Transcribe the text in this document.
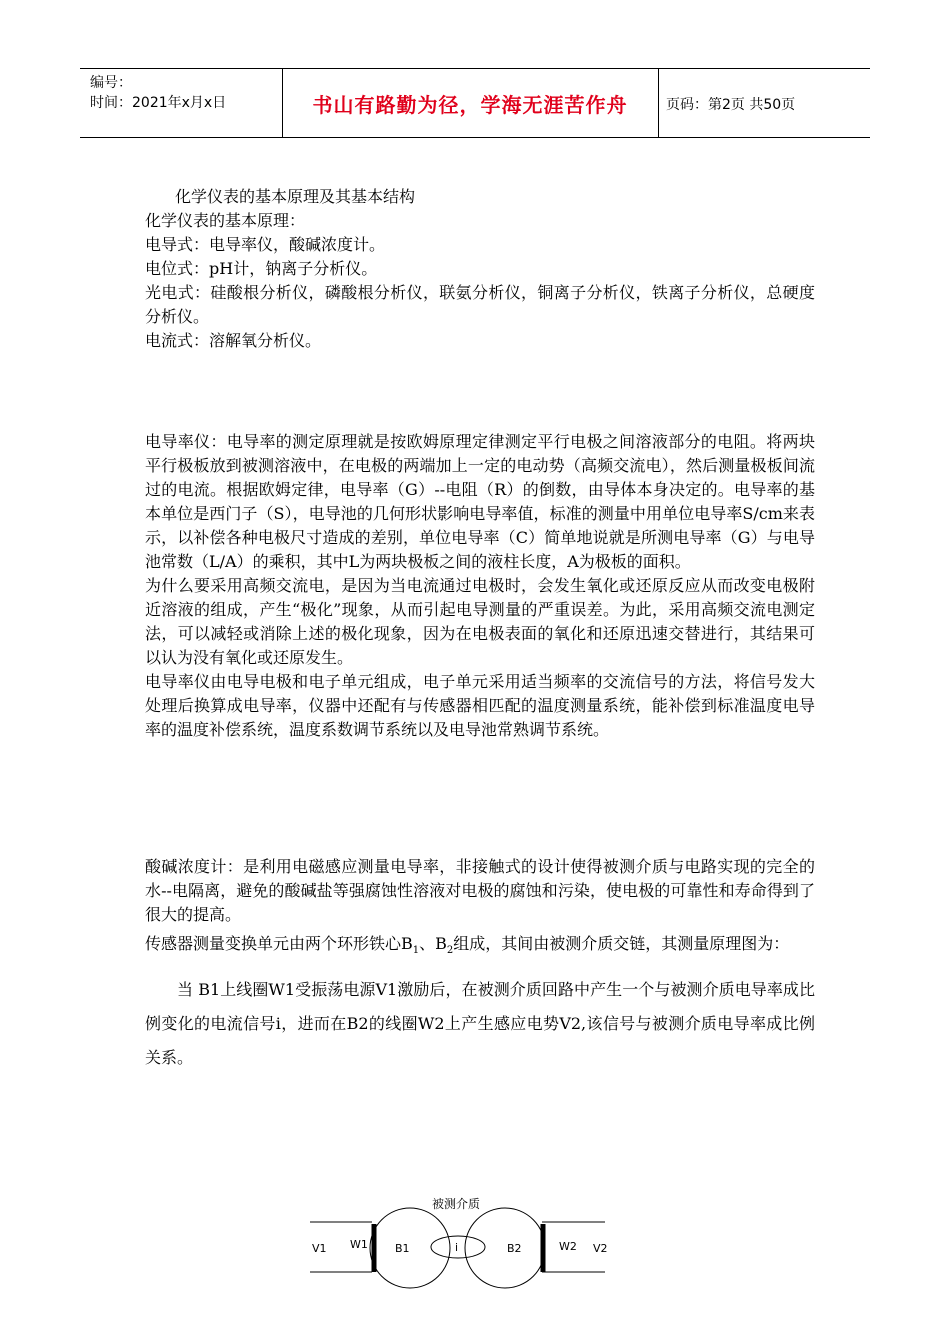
编号：
时间：2021年x月x日	书山有路勤为径，学海无涯苦作舟	页码：第2页 共50页
化学仪表的基本原理及其基本结构

化学仪表的基本原理：

电导式：电导率仪，酸碱浓度计。

电位式：pH计，钠离子分析仪。

光电式：硅酸根分析仪，磷酸根分析仪，联氨分析仪，铜离子分析仪，铁离子分析仪，总硬度分析仪。

电流式：溶解氧分析仪。

电导率仪：电导率的测定原理就是按欧姆原理定律测定平行电极之间溶液部分的电阻。将两块平行极板放到被测溶液中，在电极的两端加上一定的电动势（高频交流电），然后测量极板间流过的电流。根据欧姆定律，电导率（G）--电阻（R）的倒数，由导体本身决定的。电导率的基本单位是西门子（S），电导池的几何形状影响电导率值，标准的测量中用单位电导率S/cm来表示，以补偿各种电极尺寸造成的差别，单位电导率（C）简单地说就是所测电导率（G）与电导池常数（L/A）的乘积，其中L为两块极板之间的液柱长度，A为极板的面积。

为什么要采用高频交流电，是因为当电流通过电极时，会发生氧化或还原反应从而改变电极附近溶液的组成，产生“极化”现象，从而引起电导测量的严重误差。为此，采用高频交流电测定法，可以减轻或消除上述的极化现象，因为在电极表面的氧化和还原迅速交替进行，其结果可以认为没有氧化或还原发生。

电导率仪由电导电极和电子单元组成，电子单元采用适当频率的交流信号的方法，将信号发大处理后换算成电导率，仪器中还配有与传感器相匹配的温度测量系统，能补偿到标准温度电导率的温度补偿系统，温度系数调节系统以及电导池常熟调节系统。

酸碱浓度计：是利用电磁感应测量电导率，非接触式的设计使得被测介质与电路实现的完全的水--电隔离，避免的酸碱盐等强腐蚀性溶液对电极的腐蚀和污染，使电极的可靠性和寿命得到了很大的提高。

传感器测量变换单元由两个环形铁心$B_1$、$B_2$组成，其间由被测介质交链，其测量原理图为：

当 B1上线圈W1受振荡电源V1激励后，在被测介质回路中产生一个与被测介质电导率成比例变化的电流信号i，进而在B2的线圈W2上产生感应电势V2,该信号与被测介质电导率成比例关系。

被测介质
V1 W1 B1	i	B2	W2 V2
